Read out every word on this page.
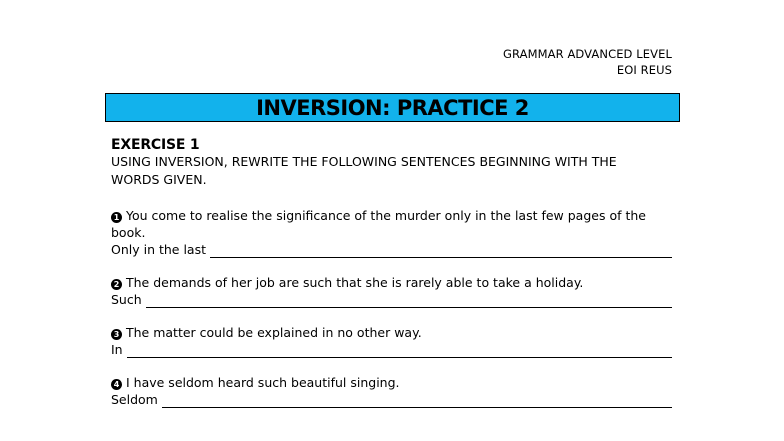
GRAMMAR ADVANCED LEVEL
EOI REUS
INVERSION: PRACTICE 2
EXERCISE 1
USING INVERSION, REWRITE THE FOLLOWING SENTENCES BEGINNING WITH THE
WORDS GIVEN.
1 You come to realise the significance of the murder only in the last few pages of the book.
Only in the last
2 The demands of her job are such that she is rarely able to take a holiday.
Such
3 The matter could be explained in no other way.
In
4 I have seldom heard such beautiful singing.
Seldom
